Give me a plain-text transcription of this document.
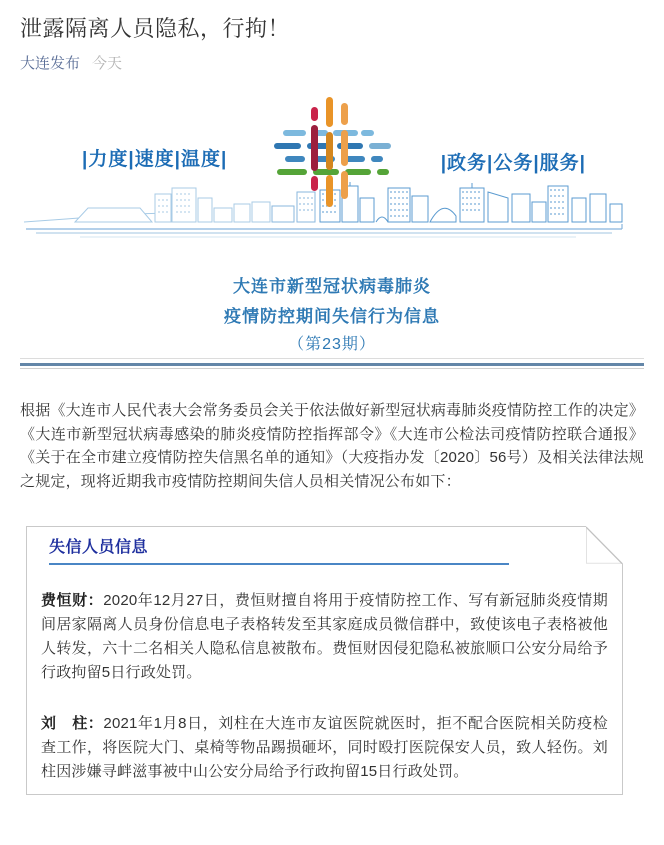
泄露隔离人员隐私，行拘！
大连发布 今天
|力度|速度|温度|	|政务|公务|服务|

大连市新型冠状病毒肺炎

疫情防控期间失信行为信息

（第23期）

根据《大连市人民代表大会常务委员会关于依法做好新型冠状病毒肺炎疫情防控工作的决定》《大连市新型冠状病毒感染的肺炎疫情防控指挥部令》《大连市公检法司疫情防控联合通报》《关于在全市建立疫情防控失信黑名单的通知》（大疫指办发〔2020〕56号）及相关法律法规之规定，现将近期我市疫情防控期间失信人员相关情况公布如下：

失信人员信息

费恒财：2020年12月27日，费恒财擅自将用于疫情防控工作、写有新冠肺炎疫情期间居家隔离人员身份信息电子表格转发至其家庭成员微信群中，致使该电子表格被他人转发，六十二名相关人隐私信息被散布。费恒财因侵犯隐私被旅顺口公安分局给予行政拘留5日行政处罚。

刘　柱：2021年1月8日，刘柱在大连市友谊医院就医时，拒不配合医院相关防疫检查工作，将医院大门、桌椅等物品踢损砸坏，同时殴打医院保安人员，致人轻伤。刘柱因涉嫌寻衅滋事被中山公安分局给予行政拘留15日行政处罚。
